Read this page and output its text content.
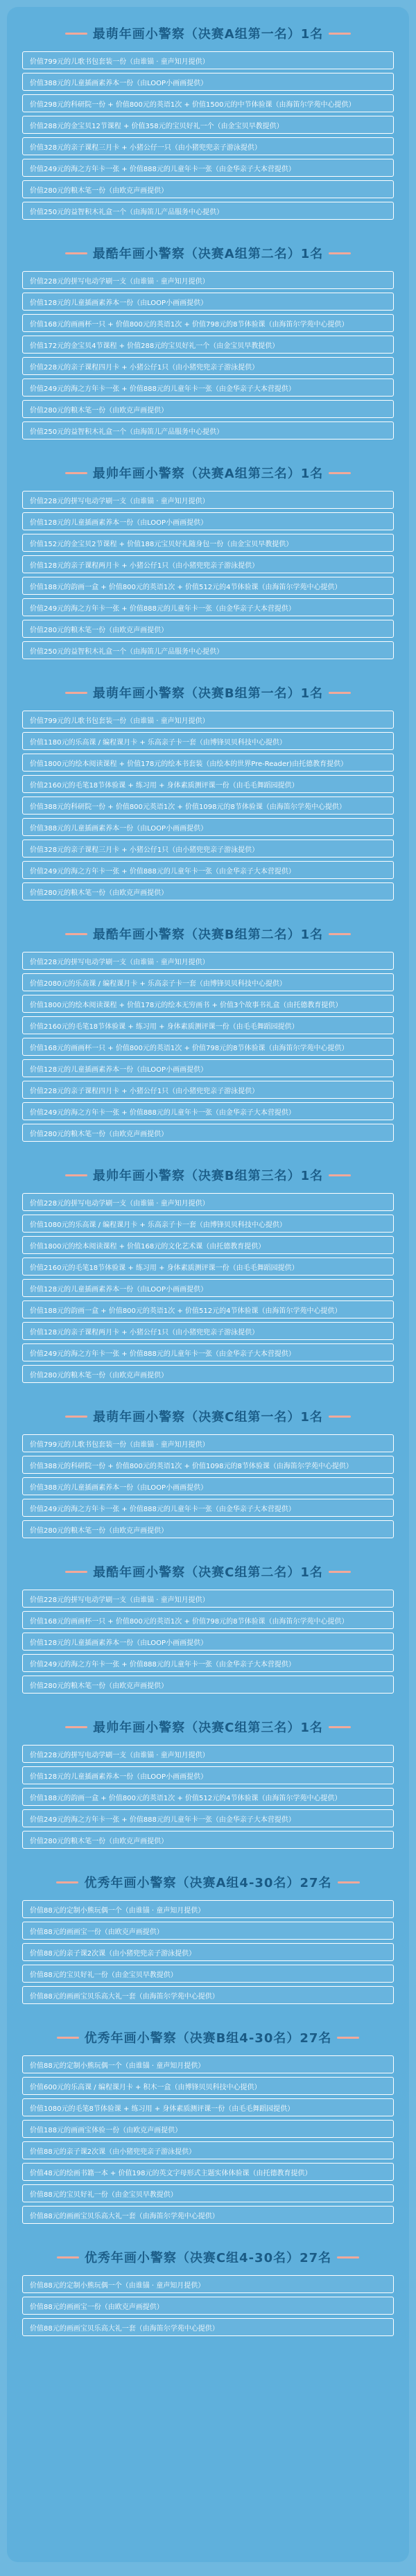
最萌年画小警察（决赛A组第一名）1名
价值799元的儿歌书包套装一份（由谁锚 · 童声知月提供）
价值388元的儿童插画素养本一份（由LOOP小画画提供）
价值298元的科研院一份 + 价值800元的英语1次 + 价值1500元的中节体验课（由海笛尔学苑中心提供）
价值288元的金宝贝12节课程 + 价值358元的宝贝好礼一个（由金宝贝早教提供）
价值328元的亲子课程三月卡 + 小猪公仔一只（由小猪兜兜亲子游泳提供）
价值249元的海之方年卡一张 + 价值888元的儿童年卡一张（由金华亲子大本营提供）
价值280元的粮木笔一份（由欧克声画提供）
价值250元的益智积木礼盒一个（由海笛儿产品服务中心提供）
最酷年画小警察（决赛A组第二名）1名
价值228元的拼写电动学刷一支（由谁锚 · 童声知月提供）
价值128元的儿童插画素养本一份（由LOOP小画画提供）
价值168元的画画杯一只 + 价值800元的英语1次 + 价值798元的8节体验课（由海笛尔学苑中心提供）
价值172元的金宝贝4节课程 + 价值288元的宝贝好礼一个（由金宝贝早教提供）
价值228元的亲子课程四月卡 + 小猪公仔1只（由小猪兜兜亲子游泳提供）
价值249元的海之方年卡一张 + 价值888元的儿童年卡一张（由金华亲子大本营提供）
价值280元的粮木笔一份（由欧克声画提供）
价值250元的益智积木礼盒一个（由海笛儿产品服务中心提供）
最帅年画小警察（决赛A组第三名）1名
价值228元的拼写电动学刷一支（由谁锚 · 童声知月提供）
价值128元的儿童插画素养本一份（由LOOP小画画提供）
价值152元的金宝贝2节课程 + 价值188元宝贝好礼随身包一份（由金宝贝早教提供）
价值128元的亲子课程两月卡 + 小猪公仔1只（由小猪兜兜亲子游泳提供）
价值188元的韵画一盒 + 价值800元的英语1次 + 价值512元的4节体验课（由海笛尔学苑中心提供）
价值249元的海之方年卡一张 + 价值888元的儿童年卡一张（由金华亲子大本营提供）
价值280元的粮木笔一份（由欧克声画提供）
价值250元的益智积木礼盒一个（由海笛儿产品服务中心提供）
最萌年画小警察（决赛B组第一名）1名
价值799元的儿歌书包套装一份（由谁锚 · 童声知月提供）
价值1180元的乐高课 / 编程课月卡 + 乐高亲子卡一套（由博锋贝贝科技中心提供）
价值1800元的绘本阅读课程 + 价值178元的绘本书套装（由绘本的世界Pre-Reader)由托德教育提供）
价值2160元的毛笔18节体验课 + 练习用 + 身体素质测评课一份（由毛毛舞蹈园提供）
价值388元的科研院一份 + 价值800元英语1次 + 价值1098元的8节体验课（由海笛尔学苑中心提供）
价值388元的儿童插画素养本一份（由LOOP小画画提供）
价值328元的亲子课程三月卡 + 小猪公仔1只（由小猪兜兜亲子游泳提供）
价值249元的海之方年卡一张 + 价值888元的儿童年卡一张（由金华亲子大本营提供）
价值280元的粮木笔一份（由欧克声画提供）
最酷年画小警察（决赛B组第二名）1名
价值228元的拼写电动学刷一支（由谁锚 · 童声知月提供）
价值2080元的乐高课 / 编程课月卡 + 乐高亲子卡一套（由博锋贝贝科技中心提供）
价值1800元的绘本阅读课程 + 价值178元的绘本无穷画书 + 价值3个故事书礼盒（由托德教育提供）
价值2160元的毛笔18节体验课 + 练习用 + 身体素质测评课一份（由毛毛舞蹈园提供）
价值168元的画画杯一只 + 价值800元的英语1次 + 价值798元的8节体验课（由海笛尔学苑中心提供）
价值128元的儿童插画素养本一份（由LOOP小画画提供）
价值228元的亲子课程四月卡 + 小猪公仔1只（由小猪兜兜亲子游泳提供）
价值249元的海之方年卡一张 + 价值888元的儿童年卡一张（由金华亲子大本营提供）
价值280元的粮木笔一份（由欧克声画提供）
最帅年画小警察（决赛B组第三名）1名
价值228元的拼写电动学刷一支（由谁锚 · 童声知月提供）
价值1080元的乐高课 / 编程课月卡 + 乐高亲子卡一套（由博锋贝贝科技中心提供）
价值1800元的绘本阅读课程 + 价值168元的文化艺术课（由托德教育提供）
价值2160元的毛笔18节体验课 + 练习用 + 身体素质测评课一份（由毛毛舞蹈园提供）
价值128元的儿童插画素养本一份（由LOOP小画画提供）
价值188元的韵画一盒 + 价值800元的英语1次 + 价值512元的4节体验课（由海笛尔学苑中心提供）
价值128元的亲子课程两月卡 + 小猪公仔1只（由小猪兜兜亲子游泳提供）
价值249元的海之方年卡一张 + 价值888元的儿童年卡一张（由金华亲子大本营提供）
价值280元的粮木笔一份（由欧克声画提供）
最萌年画小警察（决赛C组第一名）1名
价值799元的儿歌书包套装一份（由谁锚 · 童声知月提供）
价值388元的科研院一份 + 价值800元的英语1次 + 价值1098元的8节体验课（由海笛尔学苑中心提供）
价值388元的儿童插画素养本一份（由LOOP小画画提供）
价值249元的海之方年卡一张 + 价值888元的儿童年卡一张（由金华亲子大本营提供）
价值280元的粮木笔一份（由欧克声画提供）
最酷年画小警察（决赛C组第二名）1名
价值228元的拼写电动学刷一支（由谁锚 · 童声知月提供）
价值168元的画画杯一只 + 价值800元的英语1次 + 价值798元的8节体验课（由海笛尔学苑中心提供）
价值128元的儿童插画素养本一份（由LOOP小画画提供）
价值249元的海之方年卡一张 + 价值888元的儿童年卡一张（由金华亲子大本营提供）
价值280元的粮木笔一份（由欧克声画提供）
最帅年画小警察（决赛C组第三名）1名
价值228元的拼写电动学刷一支（由谁锚 · 童声知月提供）
价值128元的儿童插画素养本一份（由LOOP小画画提供）
价值188元的韵画一盒 + 价值800元的英语1次 + 价值512元的4节体验课（由海笛尔学苑中心提供）
价值249元的海之方年卡一张 + 价值888元的儿童年卡一张（由金华亲子大本营提供）
价值280元的粮木笔一份（由欧克声画提供）
优秀年画小警察（决赛A组4-30名）27名
价值88元的定制小熊玩偶一个（由谁锚 · 童声知月提供）
价值88元的画画宝一份（由欧克声画提供）
价值88元的亲子课2次课（由小猪兜兜亲子游泳提供）
价值88元的宝贝好礼一份（由金宝贝早教提供）
价值88元的画画宝贝乐高大礼一套（由海笛尔学苑中心提供）
优秀年画小警察（决赛B组4-30名）27名
价值88元的定制小熊玩偶一个（由谁锚 · 童声知月提供）
价值600元的乐高课 / 编程课月卡 + 积木一盒（由博锋贝贝科技中心提供）
价值1080元的毛笔8节体验课 + 练习用 + 身体素质测评课一份（由毛毛舞蹈园提供）
价值188元的画画宝体验一份（由欧克声画提供）
价值88元的亲子课2次课（由小猪兜兜亲子游泳提供）
价值48元的绘画书籍一本 + 价值198元的英文字母形式主题实体体验课（由托德教育提供）
价值88元的宝贝好礼一份（由金宝贝早教提供）
价值88元的画画宝贝乐高大礼一套（由海笛尔学苑中心提供）
优秀年画小警察（决赛C组4-30名）27名
价值88元的定制小熊玩偶一个（由谁锚 · 童声知月提供）
价值88元的画画宝一份（由欧克声画提供）
价值88元的画画宝贝乐高大礼一套（由海笛尔学苑中心提供）
